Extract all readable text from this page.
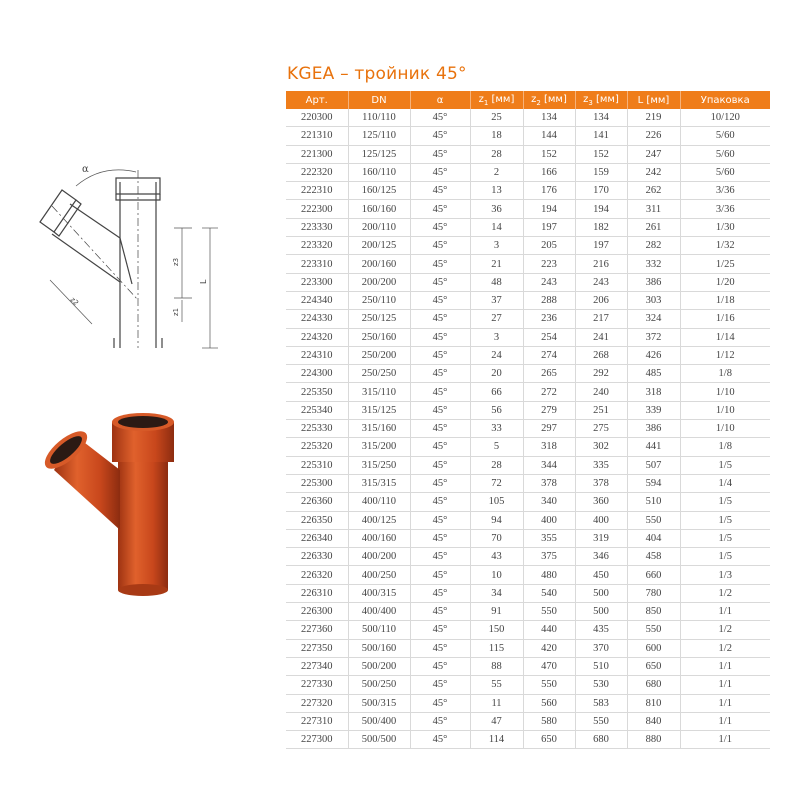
KGEA – тройник 45°
α
z3
z1
L
z2
Арт.	DN	α	$z_1$ [мм]	$z_2$ [мм]	$z_3$ [мм]	L [мм]	Упаковка
220300	110/110	45°	25	134	134	219	10/120
221310	125/110	45°	18	144	141	226	5/60
221300	125/125	45°	28	152	152	247	5/60
222320	160/110	45°	2	166	159	242	5/60
222310	160/125	45°	13	176	170	262	3/36
222300	160/160	45°	36	194	194	311	3/36
223330	200/110	45°	14	197	182	261	1/30
223320	200/125	45°	3	205	197	282	1/32
223310	200/160	45°	21	223	216	332	1/25
223300	200/200	45°	48	243	243	386	1/20
224340	250/110	45°	37	288	206	303	1/18
224330	250/125	45°	27	236	217	324	1/16
224320	250/160	45°	3	254	241	372	1/14
224310	250/200	45°	24	274	268	426	1/12
224300	250/250	45°	20	265	292	485	1/8
225350	315/110	45°	66	272	240	318	1/10
225340	315/125	45°	56	279	251	339	1/10
225330	315/160	45°	33	297	275	386	1/10
225320	315/200	45°	5	318	302	441	1/8
225310	315/250	45°	28	344	335	507	1/5
225300	315/315	45°	72	378	378	594	1/4
226360	400/110	45°	105	340	360	510	1/5
226350	400/125	45°	94	400	400	550	1/5
226340	400/160	45°	70	355	319	404	1/5
226330	400/200	45°	43	375	346	458	1/5
226320	400/250	45°	10	480	450	660	1/3
226310	400/315	45°	34	540	500	780	1/2
226300	400/400	45°	91	550	500	850	1/1
227360	500/110	45°	150	440	435	550	1/2
227350	500/160	45°	115	420	370	600	1/2
227340	500/200	45°	88	470	510	650	1/1
227330	500/250	45°	55	550	530	680	1/1
227320	500/315	45°	11	560	583	810	1/1
227310	500/400	45°	47	580	550	840	1/1
227300	500/500	45°	114	650	680	880	1/1
